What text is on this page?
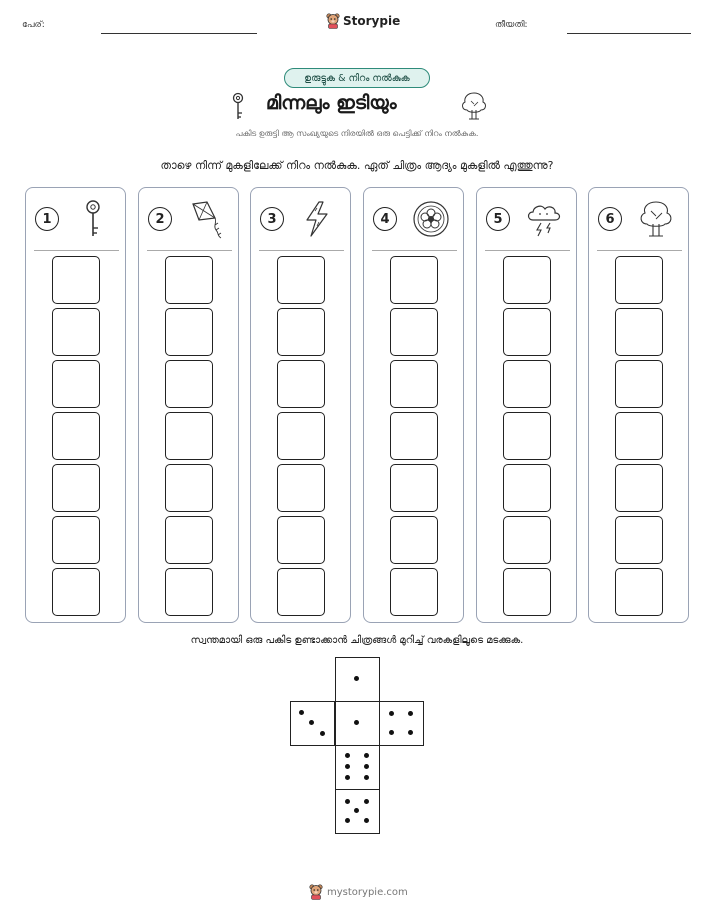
പേര്:	Storypie	തീയതി:
ഉരുട്ടുക & നിറം നൽകുക
മിന്നലും ഇടിയും
പകിട ഉരുട്ടി ആ സംഖ്യയുടെ നിരയിൽ ഒരു പെട്ടിക്ക് നിറം നൽകുക.
താഴെ നിന്ന് മുകളിലേക്ക് നിറം നൽകുക. ഏത് ചിത്രം ആദ്യം മുകളിൽ എത്തുന്നു?
1	2	3	4	5	6
സ്വന്തമായി ഒരു പകിട ഉണ്ടാക്കാൻ ചിത്രങ്ങൾ മുറിച്ച് വരകളിലൂടെ മടക്കുക.
mystorypie.com
